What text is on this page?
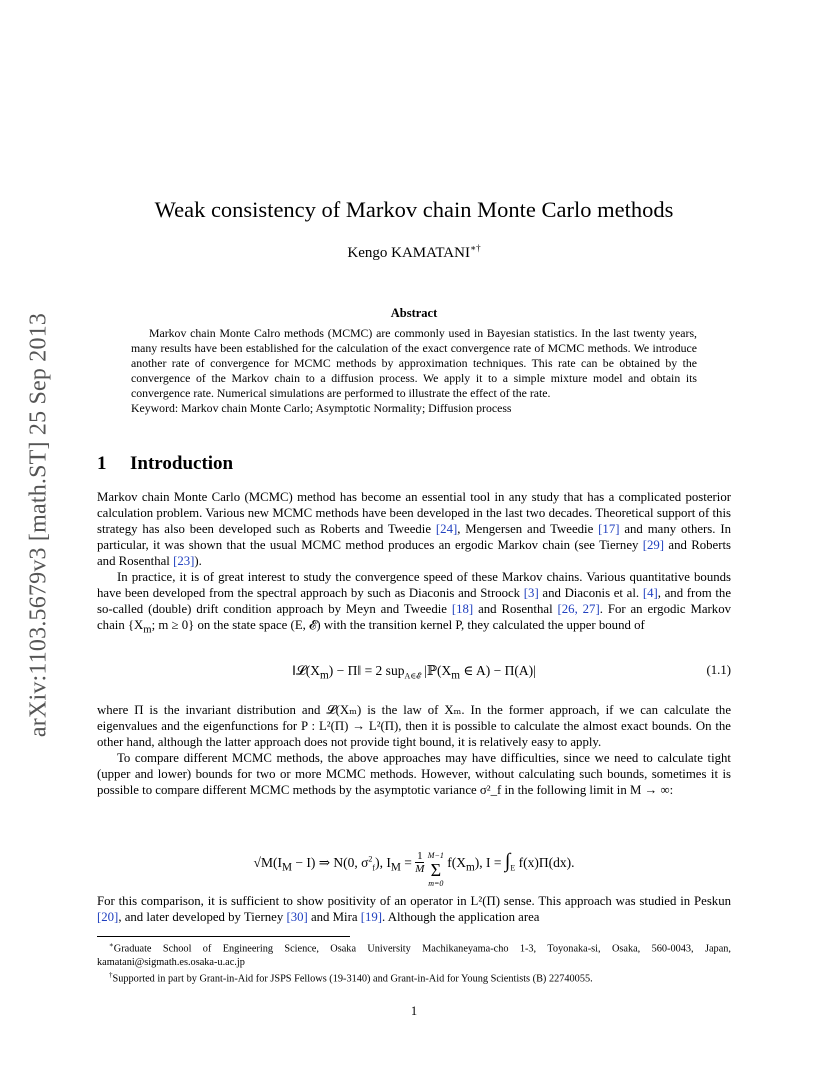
arXiv:1103.5679v3 [math.ST] 25 Sep 2013
Weak consistency of Markov chain Monte Carlo methods
Kengo KAMATANI∗†
Abstract

Markov chain Monte Calro methods (MCMC) are commonly used in Bayesian statistics. In the last twenty years, many results have been established for the calculation of the exact convergence rate of MCMC methods. We introduce another rate of convergence for MCMC methods by approximation techniques. This rate can be obtained by the convergence of the Markov chain to a diffusion process. We apply it to a simple mixture model and obtain its convergence rate. Numerical simulations are performed to illustrate the effect of the rate.

Keyword: Markov chain Monte Carlo; Asymptotic Normality; Diffusion process

1 Introduction

Markov chain Monte Carlo (MCMC) method has become an essential tool in any study that has a complicated posterior calculation problem. Various new MCMC methods have been developed in the last two decades. Theoretical support of this strategy has also been developed such as Roberts and Tweedie [24], Mengersen and Tweedie [17] and many others. In particular, it was shown that the usual MCMC method produces an ergodic Markov chain (see Tierney [29] and Roberts and Rosenthal [23]).

In practice, it is of great interest to study the convergence speed of these Markov chains. Various quantitative bounds have been developed from the spectral approach by such as Diaconis and Stroock [3] and Diaconis et al. [4], and from the so-called (double) drift condition approach by Meyn and Tweedie [18] and Rosenthal [26, 27]. For an ergodic Markov chain {$X_m$; m ≥ 0} on the state space (E, 𝓔) with the transition kernel P, they calculated the upper bound of

$‖𝓛(X_m)$ − Π‖ = 2 sup$_{A\in 𝓔}$ $|ℙ(X_m$ ∈ A) − Π(A)|	(1.1)

where Π is the invariant distribution and 𝓛(Xₘ) is the law of Xₘ. In the former approach, if we can calculate the eigenvalues and the eigenfunctions for P : L²(Π) → L²(Π), then it is possible to calculate the almost exact bounds. On the other hand, although the latter approach does not provide tight bound, it is relatively easy to apply.

To compare different MCMC methods, the above approaches may have difficulties, since we need to calculate tight (upper and lower) bounds for two or more MCMC methods. However, without calculating such bounds, sometimes it is possible to compare different MCMC methods by the asymptotic variance σ²_f in the following limit in M → ∞:

$√M(I_M - I)$ ⇒ N(0, $\sigma^2_f$), $I_M = \frac{1}{M}$
M−1
Σ
m=0
$f(X_m)$, $I = \int_E$ f(x)Π(dx).

For this comparison, it is sufficient to show positivity of an operator in L²(Π) sense. This approach was studied in Peskun [20], and later developed by Tierney [30] and Mira [19]. Although the application area

∗Graduate School of Engineering Science, Osaka University Machikaneyama-cho 1-3, Toyonaka-si, Osaka, 560-0043, Japan, kamatani@sigmath.es.osaka-u.ac.jp

†Supported in part by Grant-in-Aid for JSPS Fellows (19-3140) and Grant-in-Aid for Young Scientists (B) 22740055.

1
